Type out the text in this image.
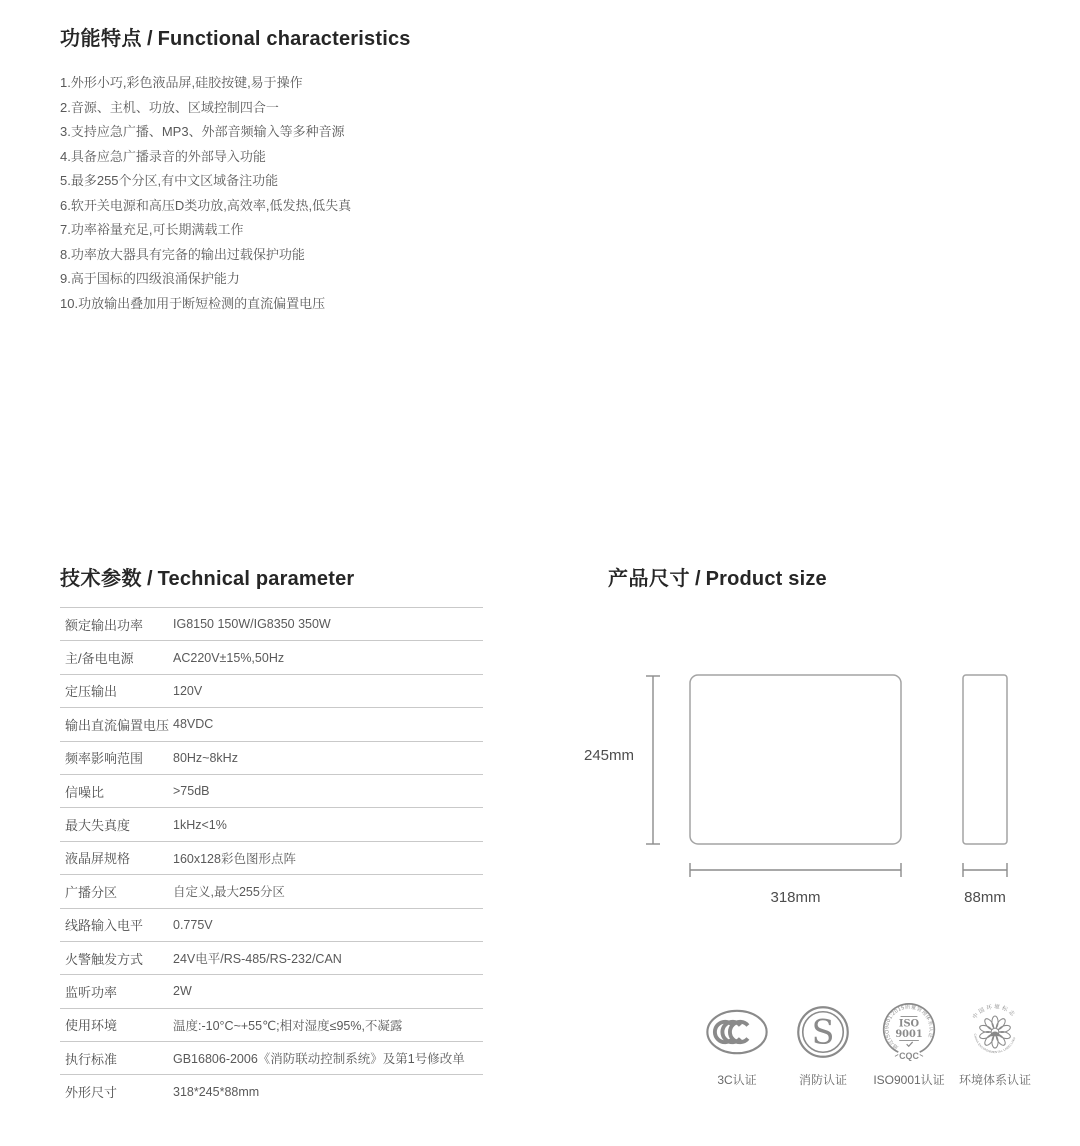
功能特点 / Functional characteristics
1.外形小巧,彩色液品屏,硅胶按键,易于操作
2.音源、主机、功放、区域控制四合一
3.支持应急广播、MP3、外部音频输入等多种音源
4.具备应急广播录音的外部导入功能
5.最多255个分区,有中文区域备注功能
6.软开关电源和高压D类功放,高效率,低发热,低失真
7.功率裕量充足,可长期满载工作
8.功率放大器具有完备的输出过载保护功能
9.高于国标的四级浪涌保护能力
10.功放输出叠加用于断短检测的直流偏置电压
技术参数 / Technical parameter
额定输出功率	IG8150 150W/IG8350 350W
主/备电电源	AC220V±15%,50Hz
定压输出	120V
输出直流偏置电压 48VDC
频率影响范围	80Hz~8kHz
信噪比	>75dB
最大失真度	1kHz<1%
液晶屏规格	160x128彩色图形点阵
广播分区	自定义,最大255分区
线路输入电平	0.775V
火警触发方式	24V电平/RS-485/RS-232/CAN
监听功率	2W
使用环境	温度:-10°C~+55℃;相对湿度≤95%,不凝露
执行标准	GB16806-2006《消防联动控制系统》及第1号修改单
外形尺寸	318*245*88mm
产品尺寸 / Product size
245mm
318mm	88mm
3C认证
S
消防认证
通过ISO9001:2015质量管理体系认证
ISO
9001
CQC
ISO9001认证
中国环境标志
CHINA ENVIRONMENTAL LABELLING
环境体系认证
